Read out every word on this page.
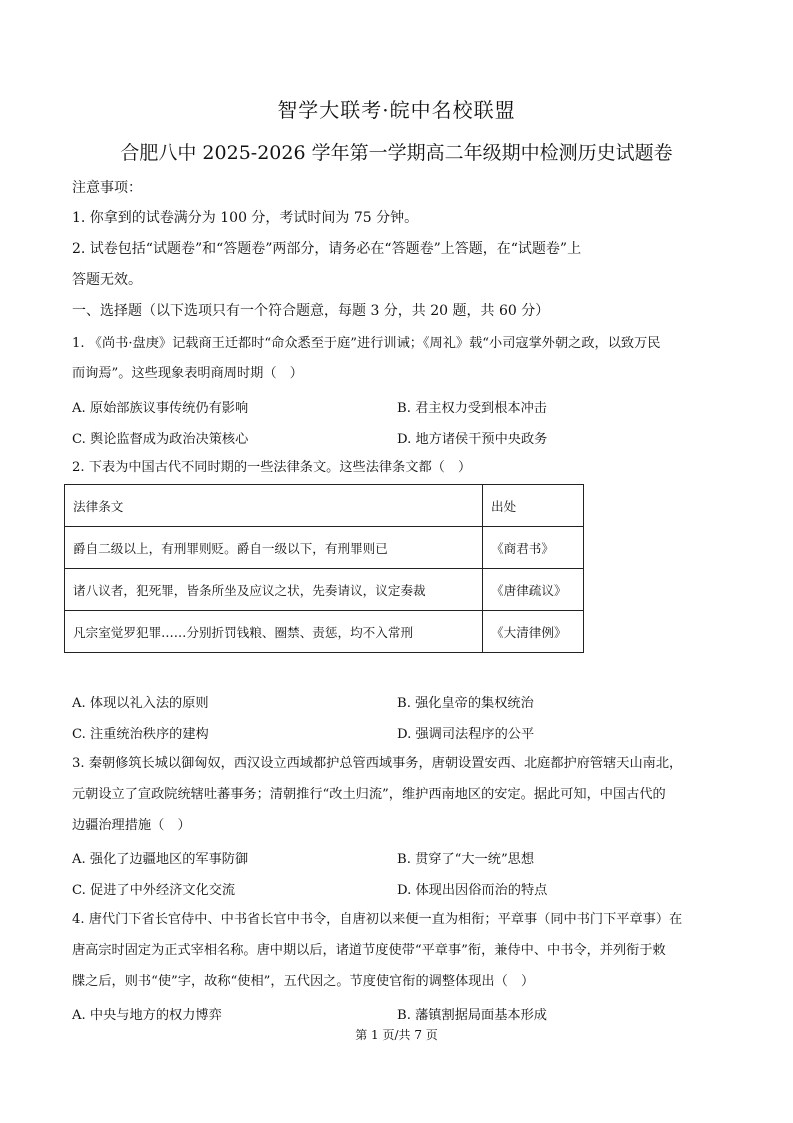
智学大联考·皖中名校联盟
合肥八中 2025-2026 学年第一学期高二年级期中检测历史试题卷
注意事项：
1. 你拿到的试卷满分为 100 分，考试时间为 75 分钟。
2. 试卷包括“试题卷”和“答题卷”两部分，请务必在“答题卷”上答题，在“试题卷”上
答题无效。
一、选择题（以下选项只有一个符合题意，每题 3 分，共 20 题，共 60 分）
1. 《尚书·盘庚》记载商王迁都时“命众悉至于庭”进行训诫；《周礼》载“小司寇掌外朝之政，以致万民
而询焉”。这些现象表明商周时期（　）
A. 原始部族议事传统仍有影响	B. 君主权力受到根本冲击
C. 舆论监督成为政治决策核心	D. 地方诸侯干预中央政务
2. 下表为中国古代不同时期的一些法律条文。这些法律条文都（　）
法律条文	出处
爵自二级以上，有刑罪则贬。爵自一级以下，有刑罪则已	《商君书》
诸八议者，犯死罪，皆条所坐及应议之状，先奏请议，议定奏裁	《唐律疏议》
凡宗室觉罗犯罪……分别折罚钱粮、圈禁、责惩，均不入常刑	《大清律例》
A. 体现以礼入法的原则	B. 强化皇帝的集权统治
C. 注重统治秩序的建构	D. 强调司法程序的公平
3. 秦朝修筑长城以御匈奴，西汉设立西域都护总管西域事务，唐朝设置安西、北庭都护府管辖天山南北，
元朝设立了宣政院统辖吐蕃事务；清朝推行“改土归流”，维护西南地区的安定。据此可知，中国古代的
边疆治理措施（　）
A. 强化了边疆地区的军事防御	B. 贯穿了“大一统”思想
C. 促进了中外经济文化交流	D. 体现出因俗而治的特点
4. 唐代门下省长官侍中、中书省长官中书令，自唐初以来便一直为相衔；平章事（同中书门下平章事）在
唐高宗时固定为正式宰相名称。唐中期以后，诸道节度使带“平章事”衔，兼侍中、中书令，并列衔于敕
牒之后，则书“使”字，故称“使相”，五代因之。节度使官衔的调整体现出（　）
A. 中央与地方的权力博弈	B. 藩镇割据局面基本形成
第 1 页/共 7 页
